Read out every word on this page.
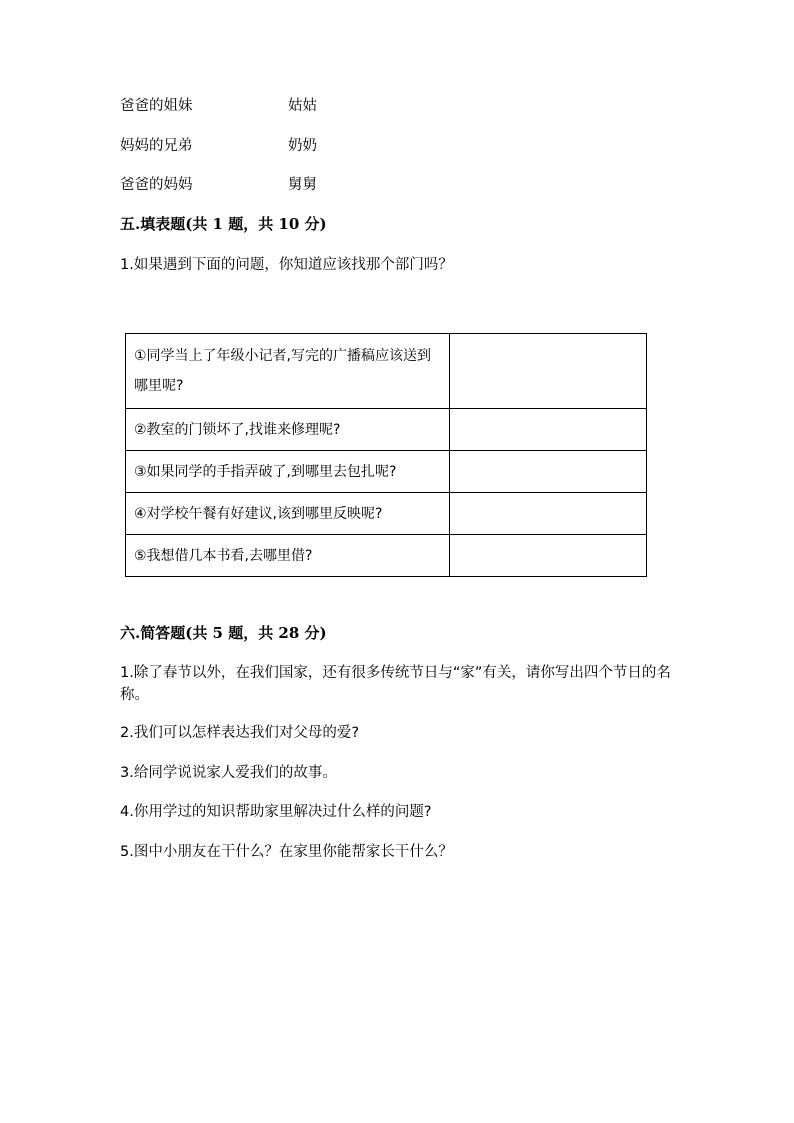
爸爸的姐妹	姑姑
妈妈的兄弟	奶奶
爸爸的妈妈	舅舅
五.填表题(共 1 题，共 10 分)
1.如果遇到下面的问题，你知道应该找那个部门吗？
①同学当上了年级小记者,写完的广播稿应该送到哪里呢?	
②教室的门锁坏了,找谁来修理呢?	
③如果同学的手指弄破了,到哪里去包扎呢?	
④对学校午餐有好建议,该到哪里反映呢?	
⑤我想借几本书看,去哪里借?	
六.简答题(共 5 题，共 28 分)
1.除了春节以外，在我们国家，还有很多传统节日与“家”有关，请你写出四个节日的名称。
2.我们可以怎样表达我们对父母的爱?
3.给同学说说家人爱我们的故事。
4.你用学过的知识帮助家里解决过什么样的问题?
5.图中小朋友在干什么？在家里你能帮家长干什么？
